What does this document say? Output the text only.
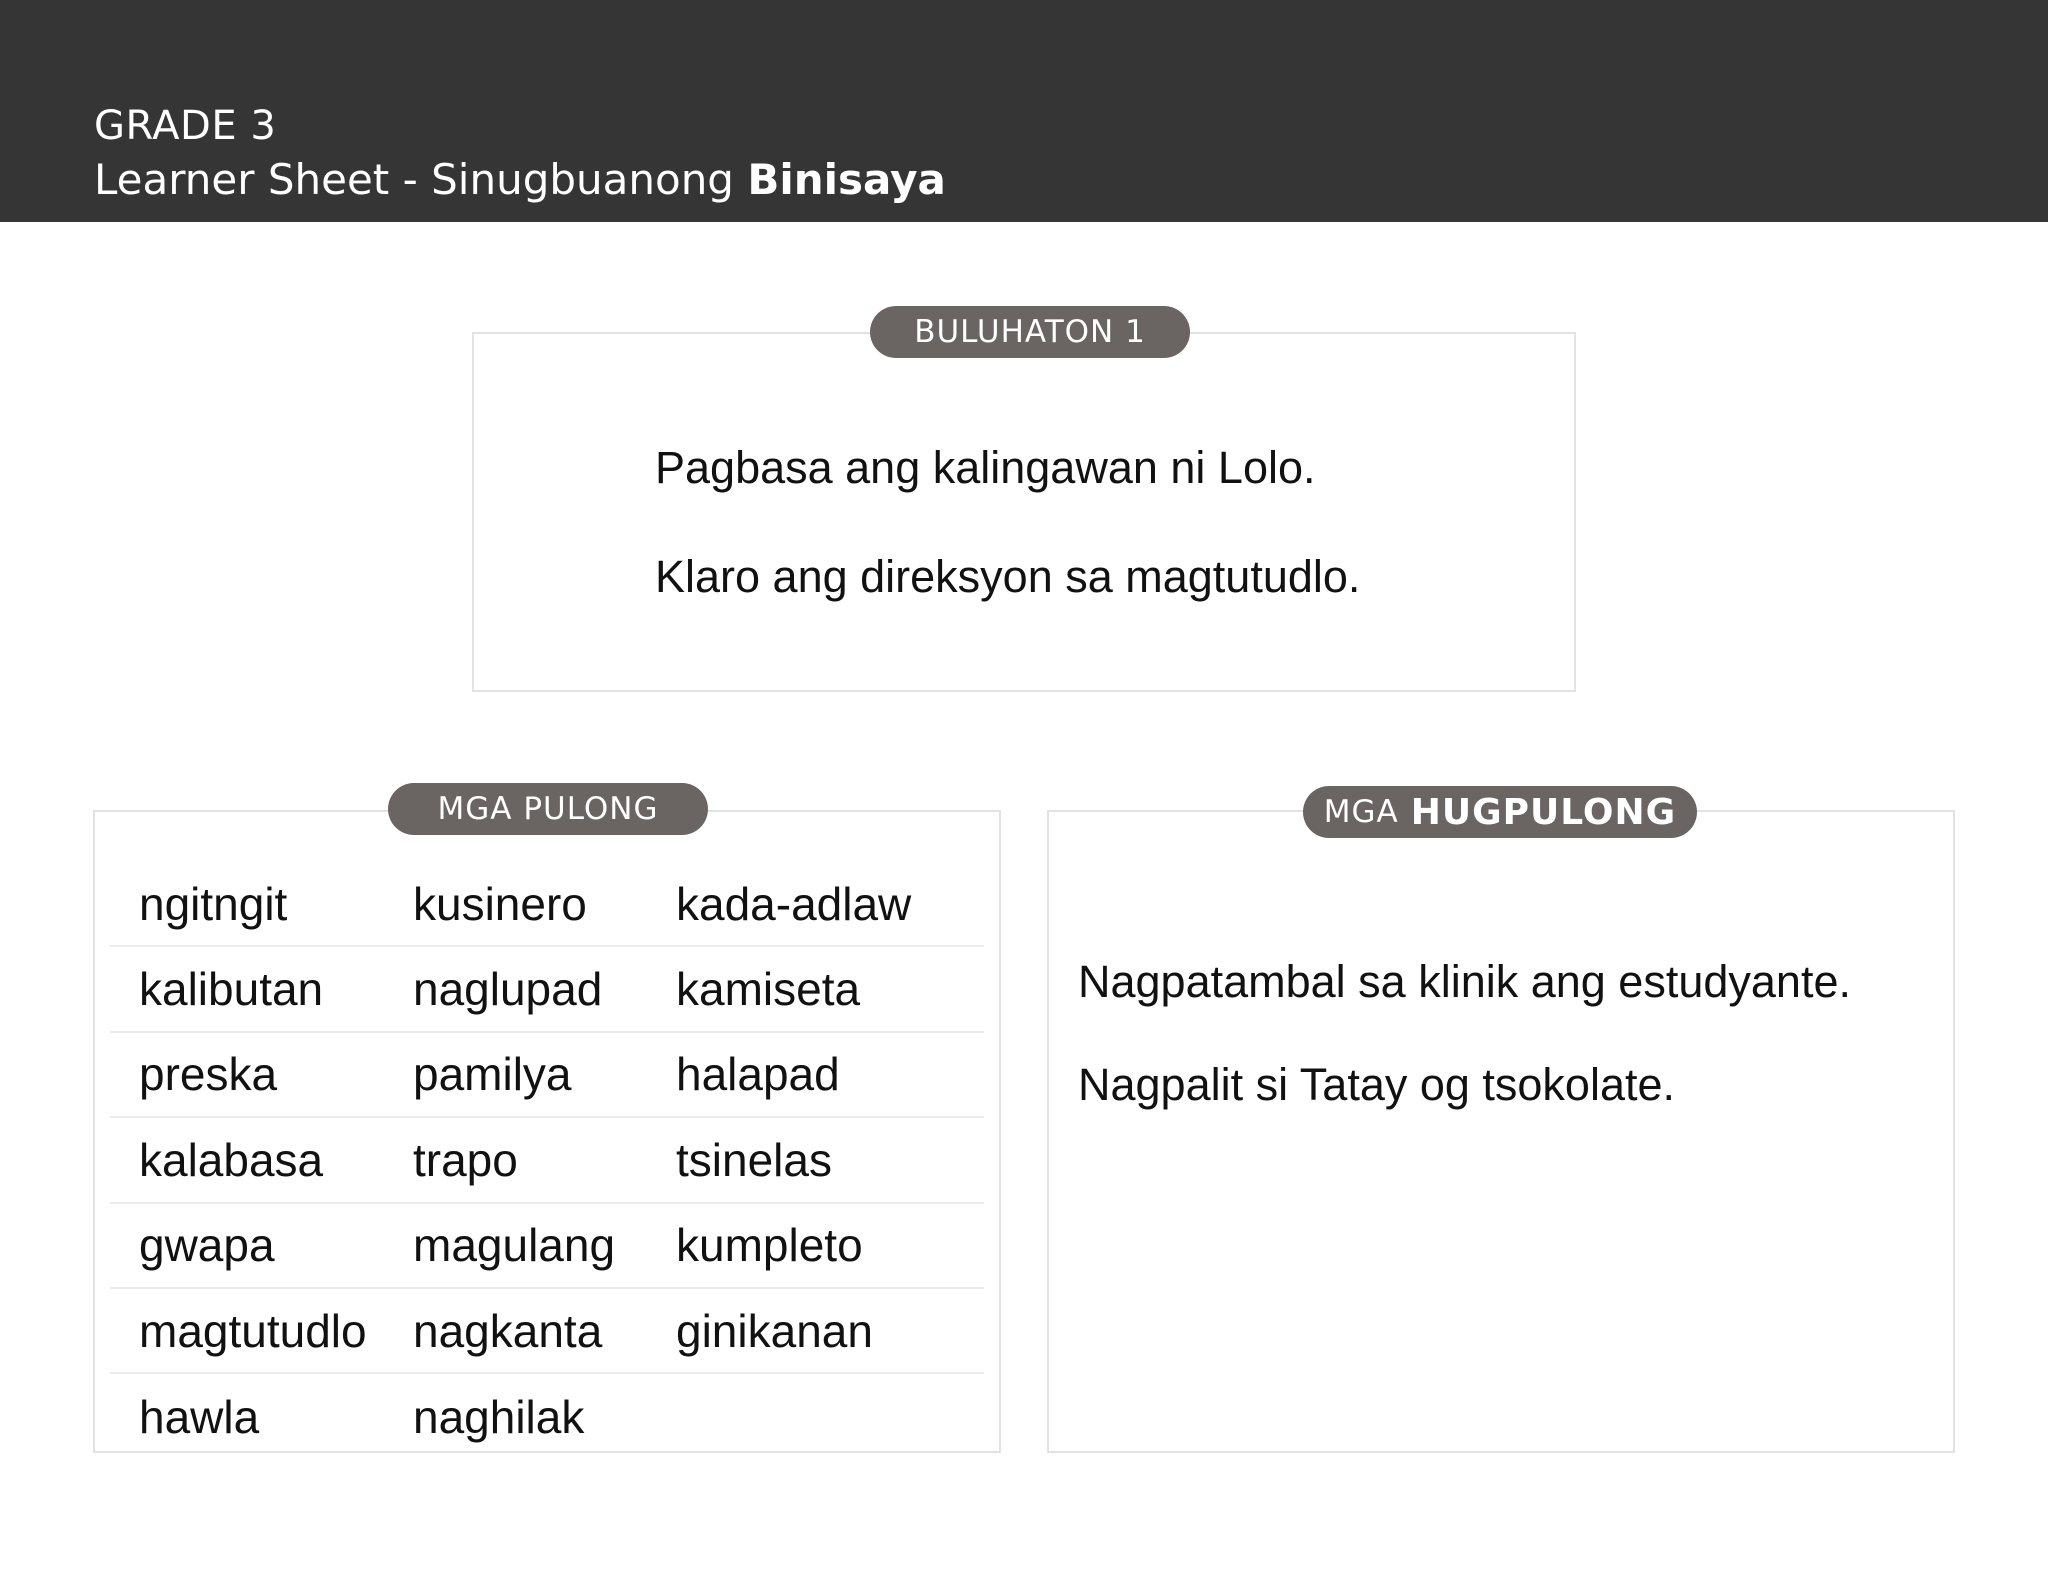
GRADE 3
Learner Sheet - Sinugbuanong Binisaya
BULUHATON 1
Pagbasa ang kalingawan ni Lolo.
Klaro ang direksyon sa magtutudlo.
MGA PULONG
ngitngit	kusinero	kada-adlaw
kalibutan	naglupad	kamiseta
preska	pamilya	halapad
kalabasa	trapo	tsinelas
gwapa	magulang	kumpleto
magtutudlo	nagkanta	ginikanan
hawla	naghilak
MGA HUGPULONG
Nagpatambal sa klinik ang estudyante.
Nagpalit si Tatay og tsokolate.
